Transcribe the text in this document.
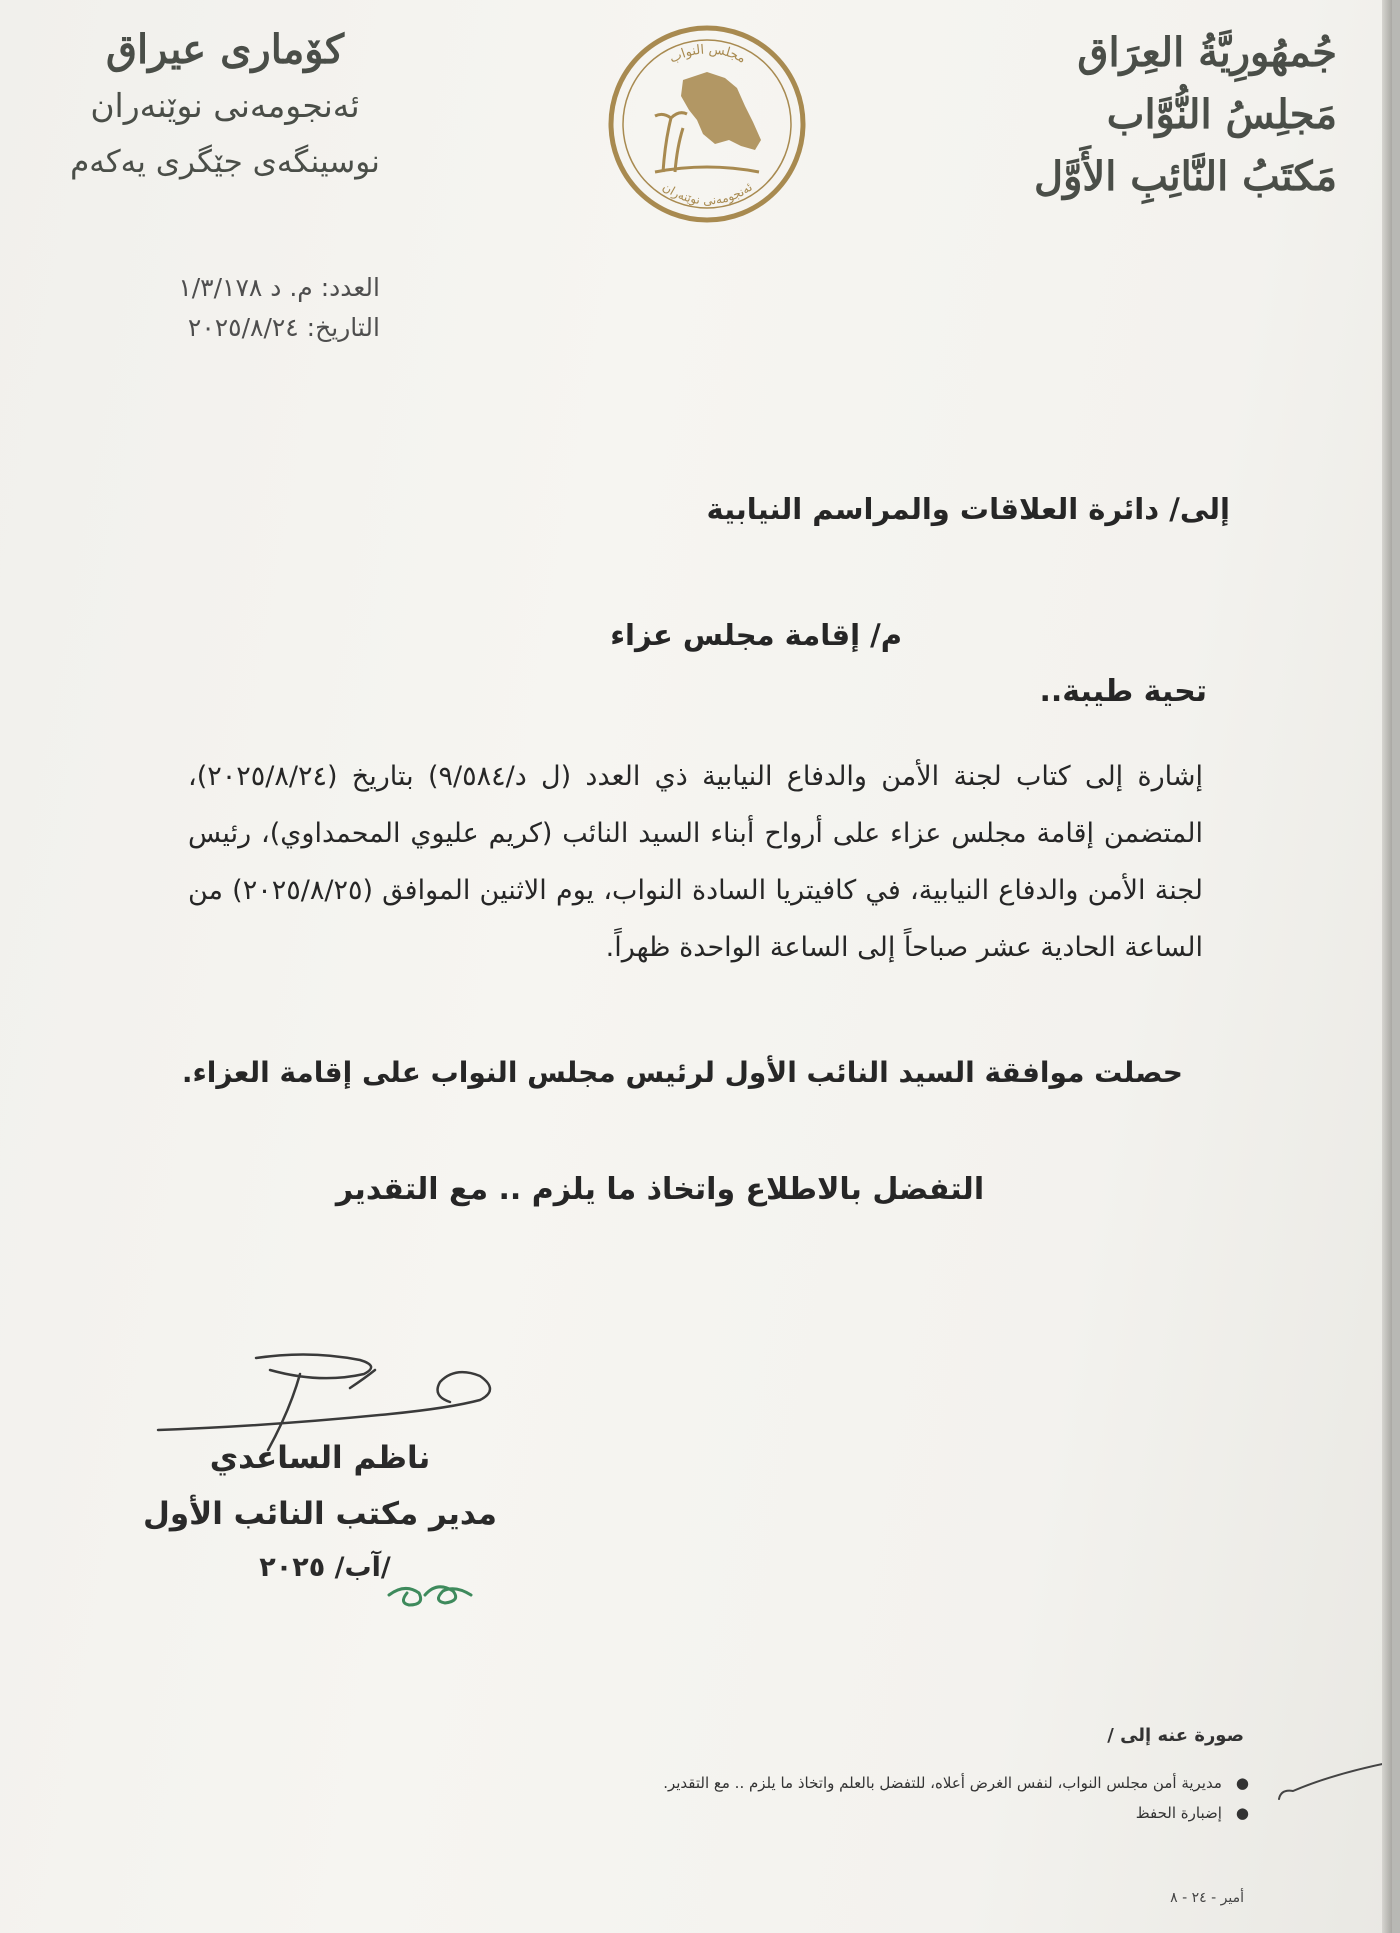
جُمهُورِيَّةُ العِرَاق
مَجلِسُ النُّوَّاب
مَكتَبُ النَّائِبِ الأَوَّل
كۆماری عیراق
ئەنجومەنی نوێنەران
نوسینگەی جێگری یەکەم
مجلس النواب
ئەنجومەنی نوێنەران
العدد: م. د ١/٣/١٧٨
التاريخ: ٢٠٢٥/٨/٢٤
إلى/ دائرة العلاقات والمراسم النيابية
م/ إقامة مجلس عزاء
تحية طيبة..
إشارة إلى كتاب لجنة الأمن والدفاع النيابية ذي العدد (ل د/٩/٥٨٤) بتاريخ (٢٠٢٥/٨/٢٤)، المتضمن إقامة مجلس عزاء على أرواح أبناء السيد النائب (كريم عليوي المحمداوي)، رئيس لجنة الأمن والدفاع النيابية، في كافيتريا السادة النواب، يوم الاثنين الموافق (٢٠٢٥/٨/٢٥) من الساعة الحادية عشر صباحاً إلى الساعة الواحدة ظهراً.
حصلت موافقة السيد النائب الأول لرئيس مجلس النواب على إقامة العزاء.
التفضل بالاطلاع واتخاذ ما يلزم .. مع التقدير
ناظم الساعدي
مدير مكتب النائب الأول
/آب/ ٢٠٢٥
صورة عنه إلى /
●مديرية أمن مجلس النواب، لنفس الغرض أعلاه، للتفضل بالعلم واتخاذ ما يلزم .. مع التقدير.
●إضبارة الحفظ
أمير - ٢٤ - ٨
